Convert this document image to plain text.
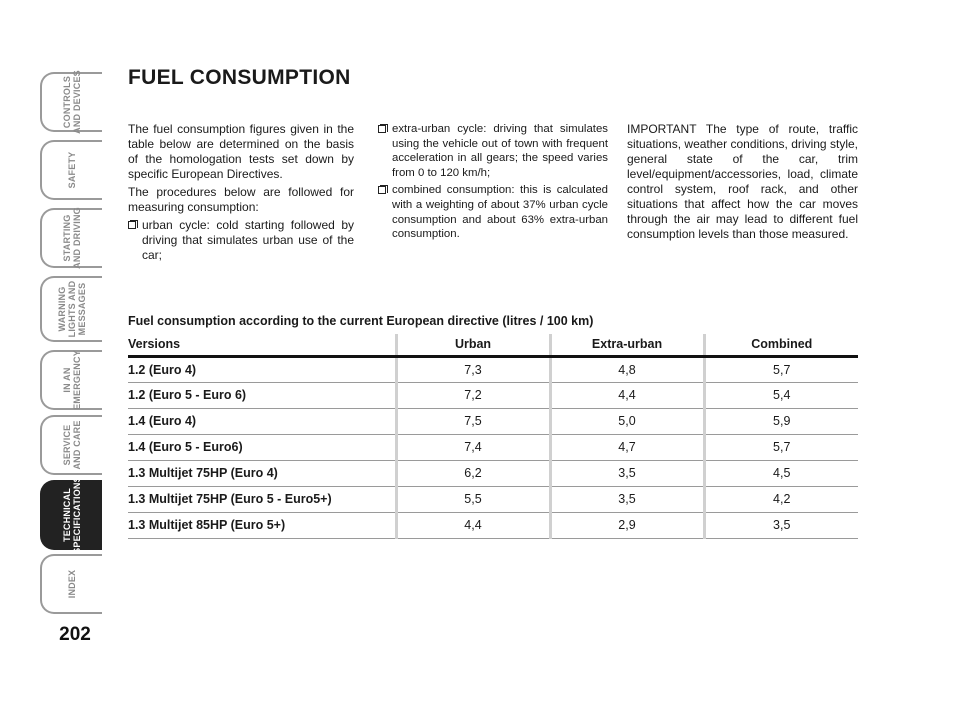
CONTROLS
AND DEVICES
SAFETY
STARTING
AND DRIVING
WARNING
LIGHTS AND
MESSAGES
IN AN
EMERGENCY
SERVICE
AND CARE
TECHNICAL
SPECIFICATIONS
INDEX
202
FUEL CONSUMPTION

The fuel consumption figures given in the table below are determined on the basis of the homologation tests set down by specific European Directives.

The procedures below are followed for measuring consumption:

urban cycle: cold starting followed by driving that simulates urban use of the car;
extra-urban cycle: driving that simulates using the vehicle out of town with frequent acceleration in all gears; the speed varies from 0 to 120 km/h;
combined consumption: this is calculated with a weighting of about 37% urban cycle consumption and about 63% extra-urban consumption.

IMPORTANT The type of route, traffic situations, weather conditions, driving style, general state of the car, trim level/equipment/accessories, load, climate control system, roof rack, and other situations that affect how the car moves through the air may lead to different fuel consumption levels than those measured.

Fuel consumption according to the current European directive (litres / 100 km)
Versions	Urban	Extra-urban	Combined
1.2 (Euro 4)	7,3	4,8	5,7
1.2 (Euro 5 - Euro 6)	7,2	4,4	5,4
1.4 (Euro 4)	7,5	5,0	5,9
1.4 (Euro 5 - Euro6)	7,4	4,7	5,7
1.3 Multijet 75HP (Euro 4)	6,2	3,5	4,5
1.3 Multijet 75HP (Euro 5 - Euro5+)	5,5	3,5	4,2
1.3 Multijet 85HP (Euro 5+)	4,4	2,9	3,5
